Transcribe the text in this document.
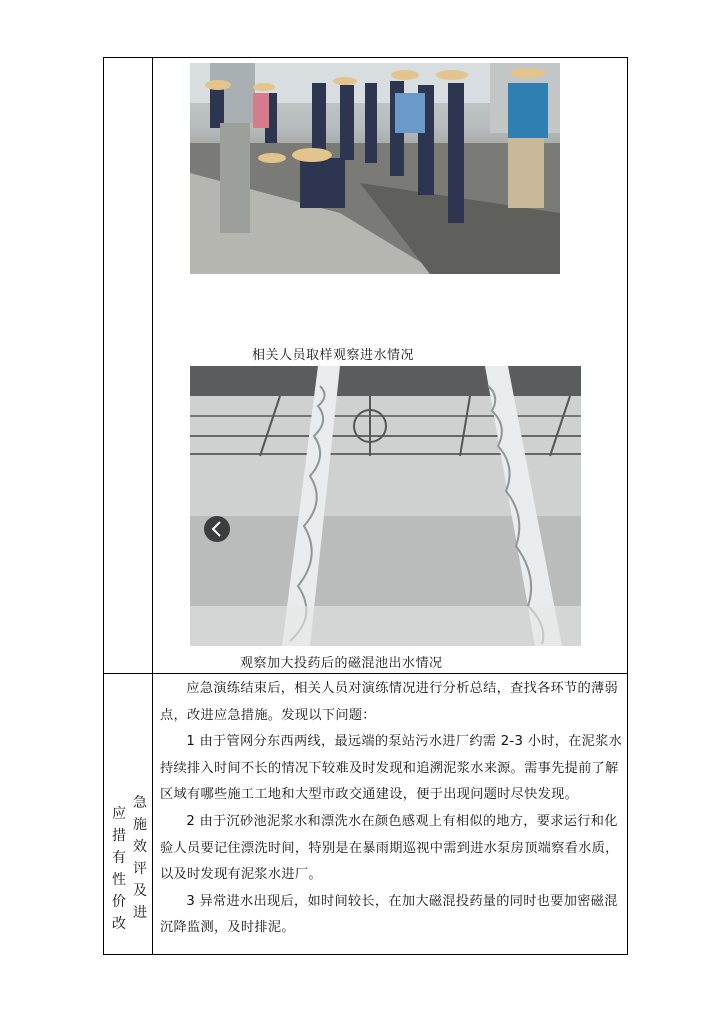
相关人员取样观察进水情况
观察加大投药后的磁混池出水情况
应
措
有
性
价
改
急
施
效
评
及
进

应急演练结束后，相关人员对演练情况进行分析总结，查找各环节的薄弱点，改进应急措施。发现以下问题：

1 由于管网分东西两线，最远端的泵站污水进厂约需 2-3 小时，在泥浆水持续排入时间不长的情况下较难及时发现和追溯泥浆水来源。需事先提前了解区域有哪些施工工地和大型市政交通建设，便于出现问题时尽快发现。

2 由于沉砂池泥浆水和漂洗水在颜色感观上有相似的地方，要求运行和化验人员要记住漂洗时间，特别是在暴雨期巡视中需到进水泵房顶端察看水质，以及时发现有泥浆水进厂。

3 异常进水出现后，如时间较长，在加大磁混投药量的同时也要加密磁混沉降监测，及时排泥。
